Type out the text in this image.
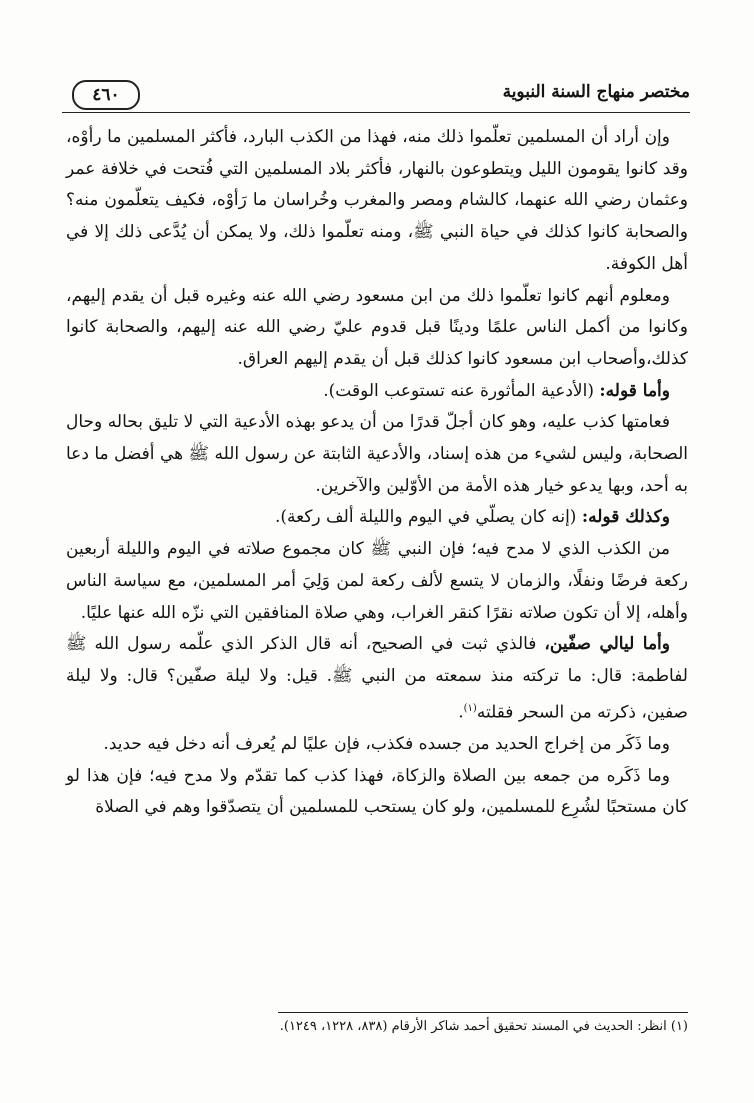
٤٦٠	مختصر منهاج السنة النبوية

وإن أراد أن المسلمين تعلّموا ذلك منه، فهذا من الكذب البارد، فأكثر المسلمين ما رأوْه، وقد كانوا يقومون الليل ويتطوعون بالنهار، فأكثر بلاد المسلمين التي فُتحت في خلافة عمر وعثمان رضي الله عنهما، كالشام ومصر والمغرب وخُراسان ما رَأوْه، فكيف يتعلّمون منه؟ والصحابة كانوا كذلك في حياة النبي ﷺ، ومنه تعلّموا ذلك، ولا يمكن أن يُدَّعى ذلك إلا في أهل الكوفة.

ومعلوم أنهم كانوا تعلّموا ذلك من ابن مسعود رضي الله عنه وغيره قبل أن يقدم إليهم، وكانوا من أكمل الناس علمًا ودينًا قبل قدوم عليّ رضي الله عنه إليهم، والصحابة كانوا كذلك،وأصحاب ابن مسعود كانوا كذلك قبل أن يقدم إليهم العراق.

وأما قوله: (الأدعية المأثورة عنه تستوعب الوقت).

فعامتها كذب عليه، وهو كان أجلّ قدرًا من أن يدعو بهذه الأدعية التي لا تليق بحاله وحال الصحابة، وليس لشيء من هذه إسناد، والأدعية الثابتة عن رسول الله ﷺ هي أفضل ما دعا به أحد، وبها يدعو خيار هذه الأمة من الأوّلين والآخرين.

وكذلك قوله: (إنه كان يصلّي في اليوم والليلة ألف ركعة).

من الكذب الذي لا مدح فيه؛ فإن النبي ﷺ كان مجموع صلاته في اليوم والليلة أربعين ركعة فرضًا ونفلًا، والزمان لا يتسع لألف ركعة لمن وَلِيَ أمر المسلمين، مع سياسة الناس وأهله، إلا أن تكون صلاته نقرًا كنقر الغراب، وهي صلاة المنافقين التي نزّه الله عنها عليًا.

وأما ليالي صفّين، فالذي ثبت في الصحيح، أنه قال الذكر الذي علّمه رسول الله ﷺ لفاطمة: قال: ما تركته منذ سمعته من النبي ﷺ. قيل: ولا ليلة صفّين؟ قال: ولا ليلة صفين، ذكرته من السحر فقلته$^{(١)}$.

وما ذَكَر من إخراج الحديد من جسده فكذب، فإن عليًا لم يُعرف أنه دخل فيه حديد.

وما ذَكَره من جمعه بين الصلاة والزكاة، فهذا كذب كما تقدّم ولا مدح فيه؛ فإن هذا لو كان مستحبًا لشُرِع للمسلمين، ولو كان يستحب للمسلمين أن يتصدّقوا وهم في الصلاة

(١) انظر: الحديث في المسند تحقيق أحمد شاكر الأرقام (٨٣٨، ١٢٢٨، ١٢٤٩).
